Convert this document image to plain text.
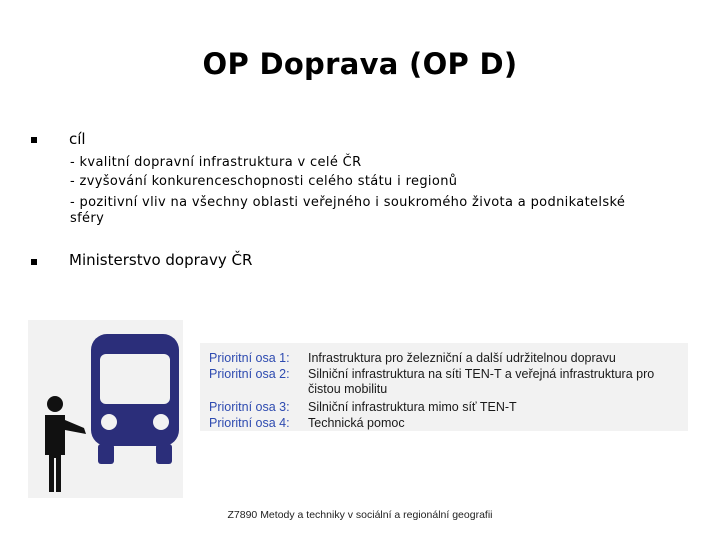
OP Doprava (OP D)
cíl
- kvalitní dopravní infrastruktura v celé ČR
- zvyšování konkurenceschopnosti celého státu i regionů
- pozitivní vliv na všechny oblasti veřejného i soukromého života a podnikatelské
sféry
Ministerstvo dopravy ČR
Prioritní osa 1: Infrastruktura pro železniční a další udržitelnou dopravu
Prioritní osa 2: Silniční infrastruktura na síti TEN-T a veřejná infrastruktura pro čistou mobilitu
Prioritní osa 3: Silniční infrastruktura mimo síť TEN-T
Prioritní osa 4: Technická pomoc
Z7890 Metody a techniky v sociální a regionální geografii
